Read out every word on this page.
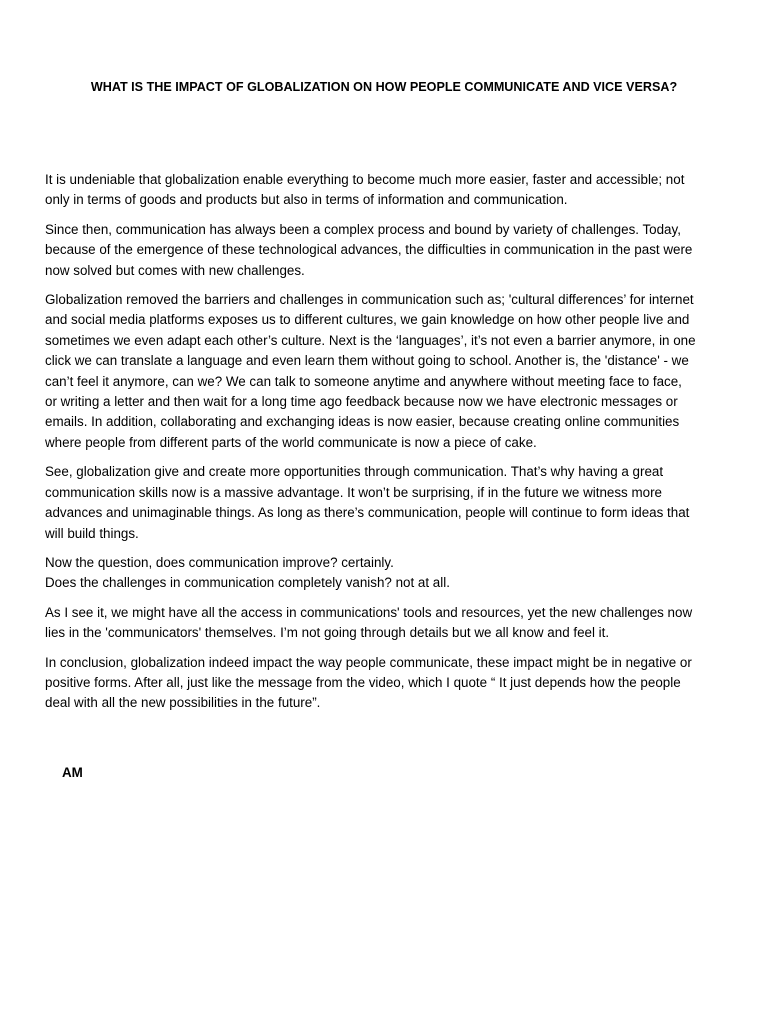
WHAT IS THE IMPACT OF GLOBALIZATION ON HOW PEOPLE COMMUNICATE AND VICE VERSA?

It is undeniable that globalization enable everything to become much more easier, faster and accessible; not
only in terms of goods and products but also in terms of information and communication.

Since then, communication has always been a complex process and bound by variety of challenges. Today,
because of the emergence of these technological advances, the difficulties in communication in the past were
now solved but comes with new challenges.

Globalization removed the barriers and challenges in communication such as; 'cultural differences’ for internet
and social media platforms exposes us to different cultures, we gain knowledge on how other people live and
sometimes we even adapt each other’s culture. Next is the ‘languages’, it’s not even a barrier anymore, in one
click we can translate a language and even learn them without going to school. Another is, the 'distance' - we
can’t feel it anymore, can we? We can talk to someone anytime and anywhere without meeting face to face,
or writing a letter and then wait for a long time ago feedback because now we have electronic messages or
emails. In addition, collaborating and exchanging ideas is now easier, because creating online communities
where people from different parts of the world communicate is now a piece of cake.

See, globalization give and create more opportunities through communication. That’s why having a great
communication skills now is a massive advantage. It won’t be surprising, if in the future we witness more
advances and unimaginable things. As long as there’s communication, people will continue to form ideas that
will build things.

Now the question, does communication improve? certainly.
Does the challenges in communication completely vanish? not at all.

As I see it, we might have all the access in communications' tools and resources, yet the new challenges now
lies in the 'communicators' themselves. I’m not going through details but we all know and feel it.

In conclusion, globalization indeed impact the way people communicate, these impact might be in negative or
positive forms. After all, just like the message from the video, which I quote “ It just depends how the people
deal with all the new possibilities in the future”.

AM
